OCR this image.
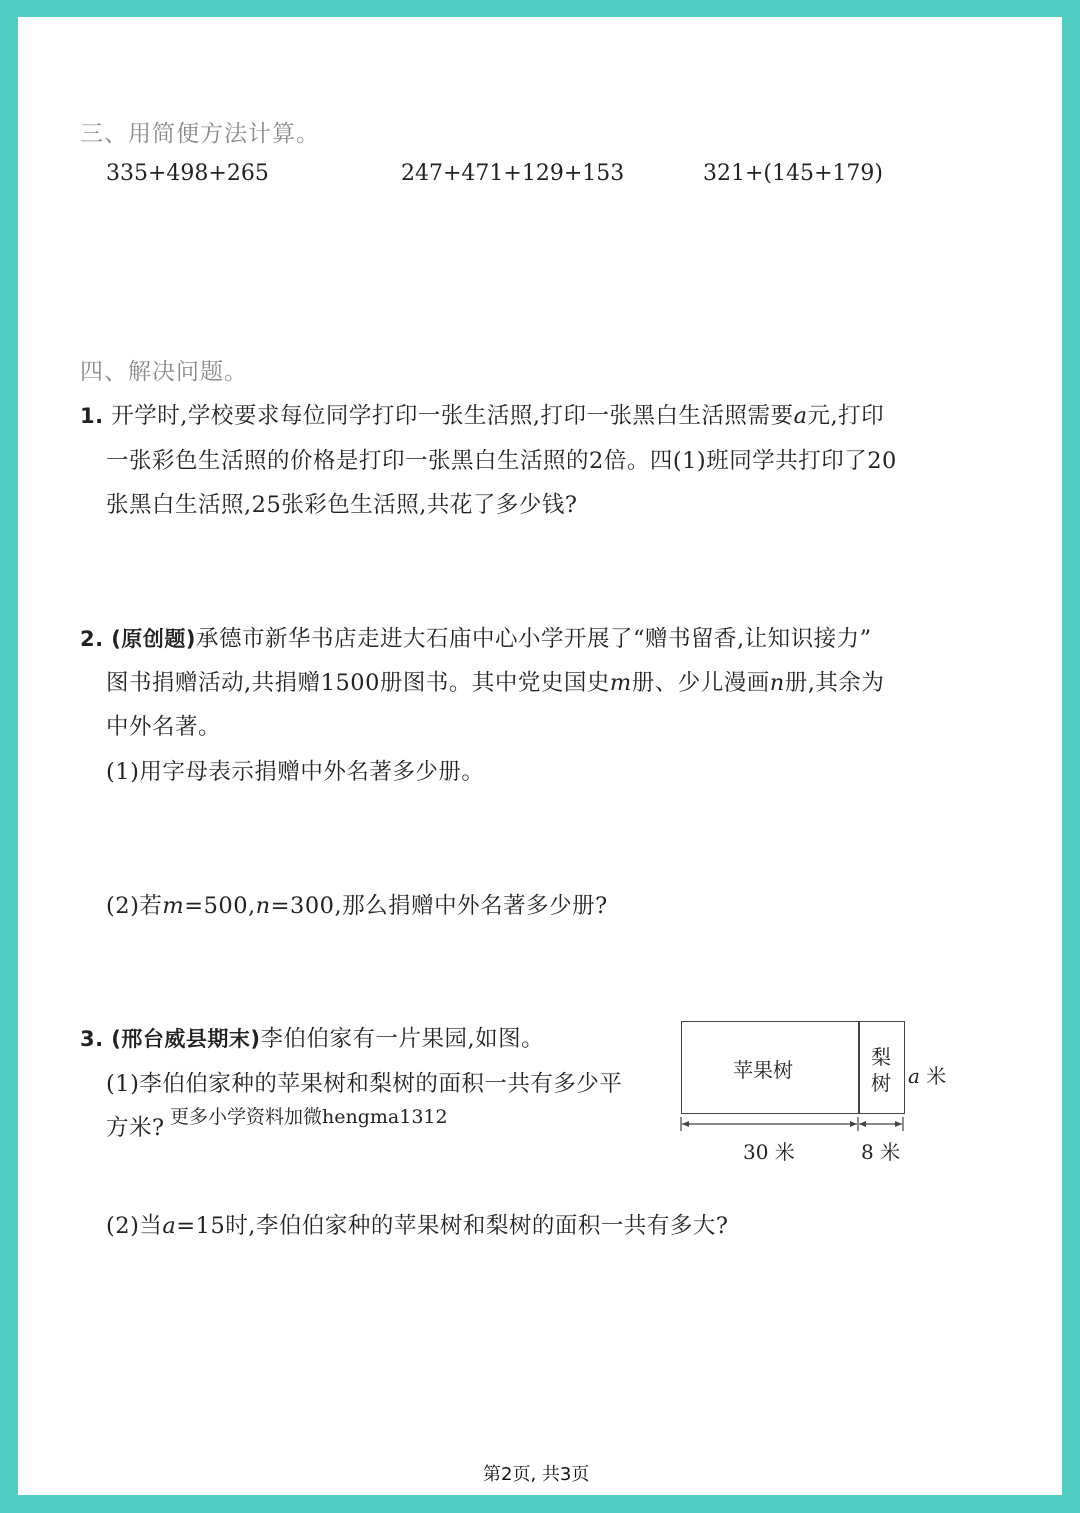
三、用简便方法计算。
335+498+265	247+471+129+153	321+(145+179)
四、解决问题。
1. 开学时,学校要求每位同学打印一张生活照,打印一张黑白生活照需要a元,打印
一张彩色生活照的价格是打印一张黑白生活照的2倍。四(1)班同学共打印了20
张黑白生活照,25张彩色生活照,共花了多少钱?
2. (原创题)承德市新华书店走进大石庙中心小学开展了“赠书留香,让知识接力”
图书捐赠活动,共捐赠1500册图书。其中党史国史m册、少儿漫画n册,其余为
中外名著。
(1)用字母表示捐赠中外名著多少册。
(2)若m=500,n=300,那么捐赠中外名著多少册?
3. (邢台威县期末)李伯伯家有一片果园,如图。
(1)李伯伯家种的苹果树和梨树的面积一共有多少平
方米? 更多小学资料加微hengma1312
苹果树
梨
树 a 米
30 米	8 米
(2)当a=15时,李伯伯家种的苹果树和梨树的面积一共有多大?
第2页, 共3页
